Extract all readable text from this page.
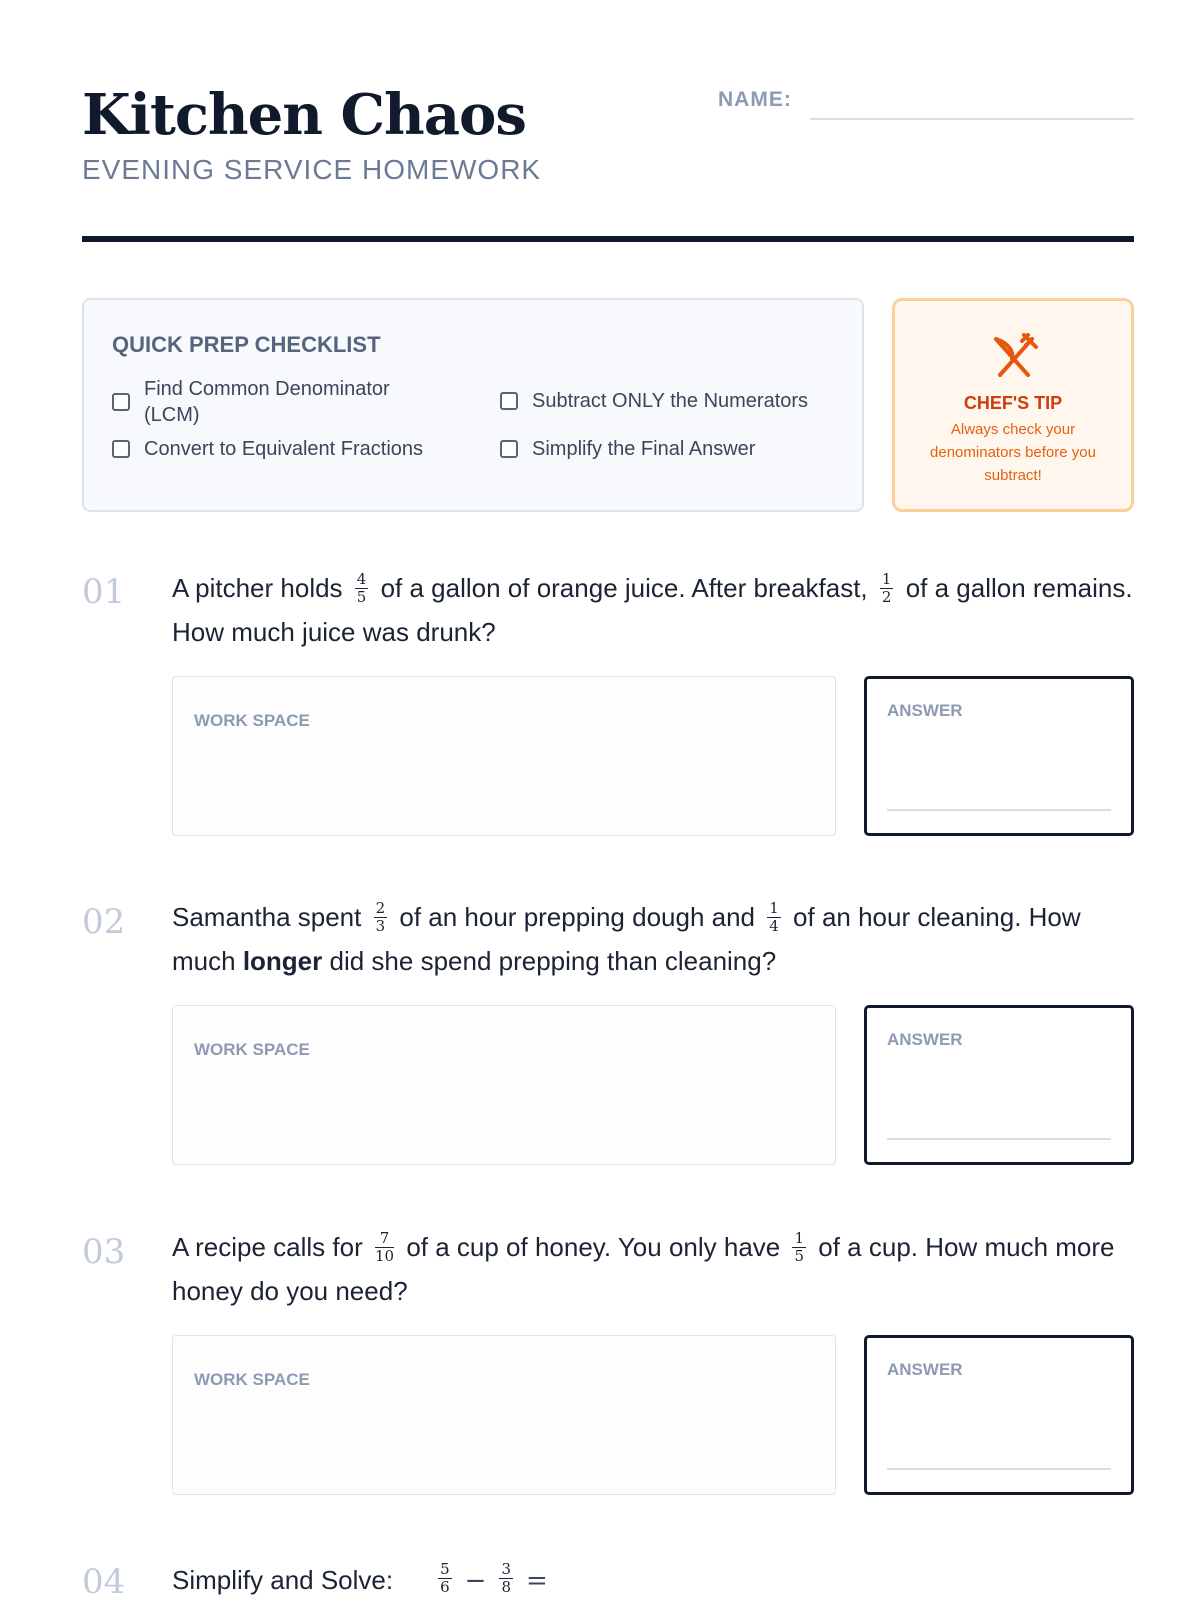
Kitchen Chaos
EVENING SERVICE HOMEWORK
NAME:
QUICK PREP CHECKLIST
Find Common Denominator (LCM)
Subtract ONLY the Numerators
Convert to Equivalent Fractions	Simplify the Final Answer
CHEF'S TIP
Always check your denominators before you subtract!
01 A pitcher holds $\frac{4}{5}$ of a gallon of orange juice. After breakfast, $\frac{1}{2}$ of a gallon remains. How much juice was drunk?
WORK SPACE
ANSWER
02 Samantha spent $\frac{2}{3}$ of an hour prepping dough and $\frac{1}{4}$ of an hour cleaning. How much longer did she spend prepping than cleaning?
WORK SPACE
ANSWER
03 A recipe calls for $\frac{7}{10}$ of a cup of honey. You only have $\frac{1}{5}$ of a cup. How much more honey do you need?
WORK SPACE
ANSWER
04 Simplify and Solve:	$\frac{5}{6} - \frac{3}{8}$ =
